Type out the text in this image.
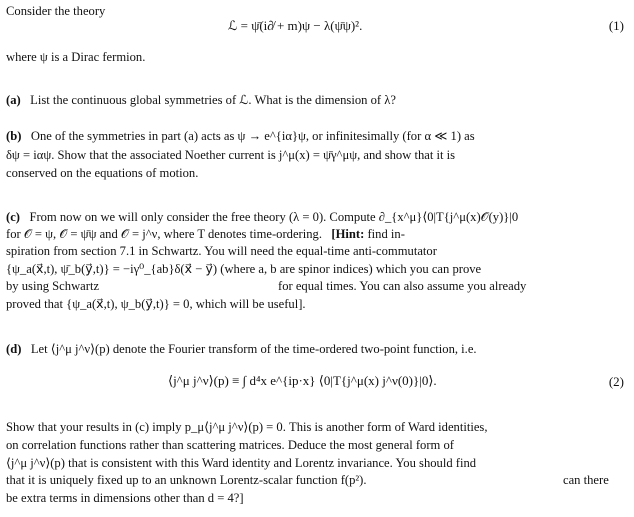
Consider the theory
ℒ = ψ̄(i∂̸ + m)ψ − λ(ψ̄ψ)².	(1)
where ψ is a Dirac fermion.
(a) List the continuous global symmetries of ℒ. What is the dimension of λ?
(b) One of the symmetries in part (a) acts as ψ → e^{iα}ψ, or infinitesimally (for α ≪ 1) as
δψ = iαψ. Show that the associated Noether current is j^μ(x) = ψ̄γ^μψ, and show that it is
conserved on the equations of motion.
(c) From now on we will only consider the free theory (λ = 0). Compute ∂_{x^μ}⟨0|T{j^μ(x)𝒪(y)}|0
for 𝒪 = ψ, 𝒪 = ψ̄ψ and 𝒪 = j^ν, where T denotes time-ordering. [Hint: find in-
spiration from section 7.1 in Schwartz. You will need the equal-time anti-commutator
{ψ_a(x⃗,t), ψ̄_b(y⃗,t)} = −iγ⁰_{ab}δ(x⃗ − y⃗) (where a, b are spinor indices) which you can prove
by using Schwartz	for equal times. You can also assume you already
proved that {ψ_a(x⃗,t), ψ_b(y⃗,t)} = 0, which will be useful].
(d) Let ⟨j^μ j^ν⟩(p) denote the Fourier transform of the time-ordered two-point function, i.e.
⟨j^μ j^ν⟩(p) ≡ ∫ d⁴x e^{ip·x} ⟨0|T{j^μ(x) j^ν(0)}|0⟩.	(2)
Show that your results in (c) imply p_μ⟨j^μ j^ν⟩(p) = 0. This is another form of Ward identities,
on correlation functions rather than scattering matrices. Deduce the most general form of
⟨j^μ j^ν⟩(p) that is consistent with this Ward identity and Lorentz invariance. You should find
that it is uniquely fixed up to an unknown Lorentz-scalar function f(p²).	can there
be extra terms in dimensions other than d = 4?]
